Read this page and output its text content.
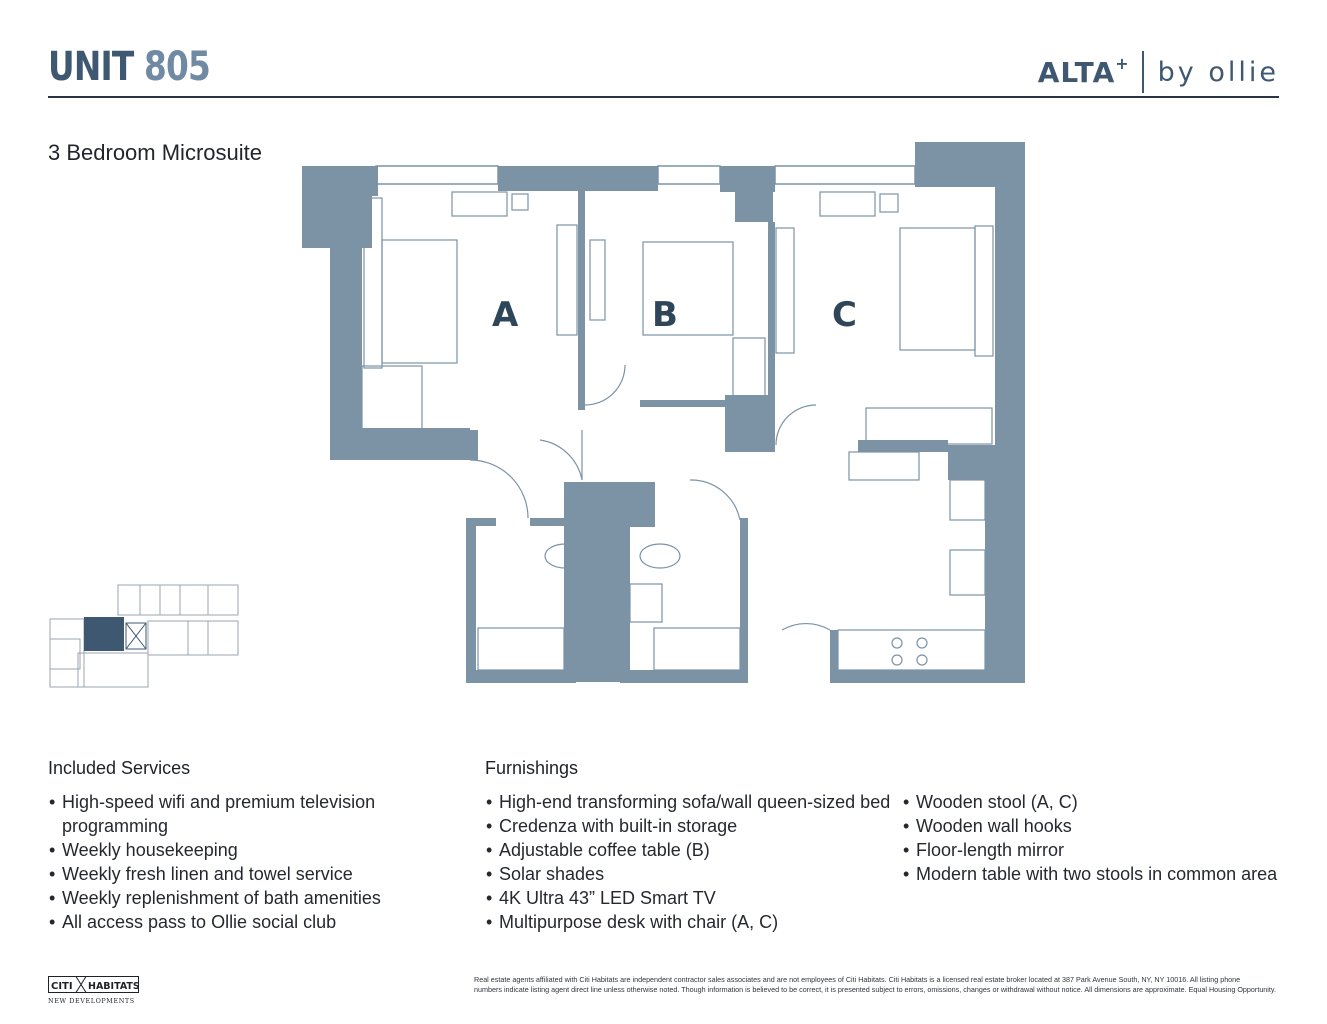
UNIT 805	ALTA+ by ollie
3 Bedroom Microsuite
A	B	C
Included Services
• High-speed wifi and premium television
programming
• Weekly housekeeping
• Weekly fresh linen and towel service
• Weekly replenishment of bath amenities
• All access pass to Ollie social club
Furnishings
• High-end transforming sofa/wall queen-sized bed
• Credenza with built-in storage
• Adjustable coffee table (B)
• Solar shades
• 4K Ultra 43” LED Smart TV
• Multipurpose desk with chair (A, C)
• Wooden stool (A, C)
• Wooden wall hooks
• Floor-length mirror
• Modern table with two stools in common area
CITI HABITATS
NEW DEVELOPMENTS
Real estate agents affiliated with Citi Habitats are independent contractor sales associates and are not employees of Citi Habitats. Citi Habitats is a licensed real estate broker located at 387 Park Avenue South, NY, NY 10016. All listing phone
numbers indicate listing agent direct line unless otherwise noted. Though information is believed to be correct, it is presented subject to errors, omissions, changes or withdrawal without notice. All dimensions are approximate. Equal Housing Opportunity.
